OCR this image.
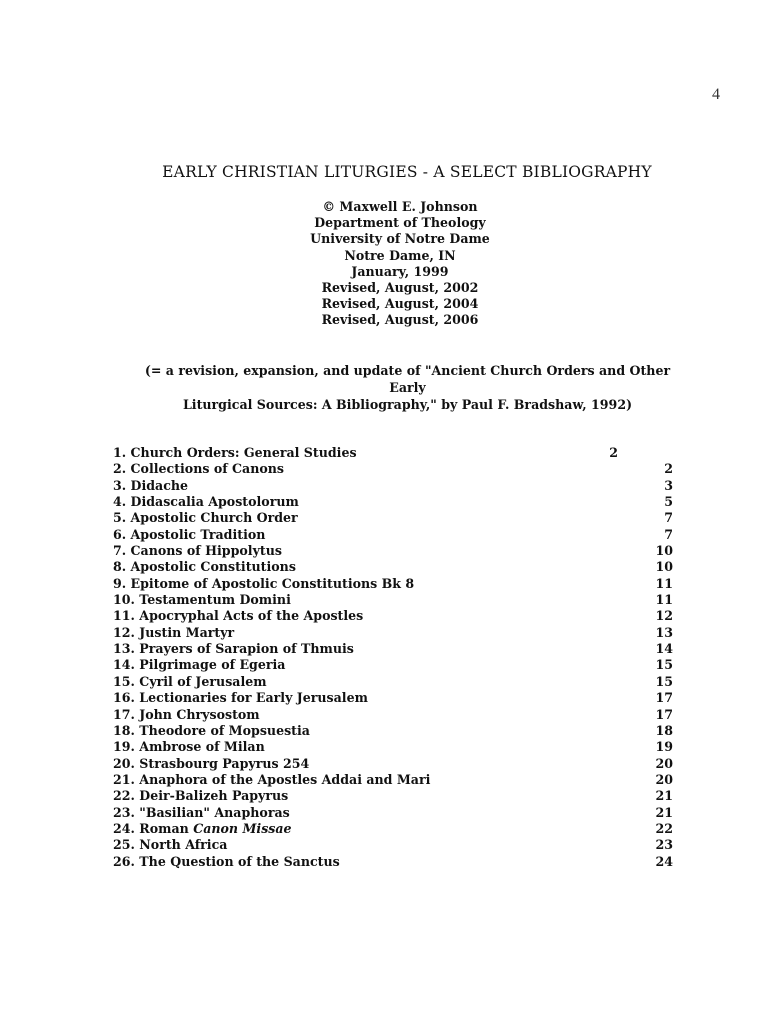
4
EARLY CHRISTIAN LITURGIES - A SELECT BIBLIOGRAPHY
© Maxwell E. Johnson
Department of Theology
University of Notre Dame
Notre Dame, IN
January, 1999
Revised, August, 2002
Revised, August, 2004
Revised, August, 2006
(= a revision, expansion, and update of "Ancient Church Orders and Other Early
Liturgical Sources: A Bibliography," by Paul F. Bradshaw, 1992)
1. Church Orders: General Studies	2
2. Collections of Canons	2
3. Didache	3
4. Didascalia Apostolorum	5
5. Apostolic Church Order	7
6. Apostolic Tradition	7
7. Canons of Hippolytus	10
8. Apostolic Constitutions	10
9. Epitome of Apostolic Constitutions Bk 8	11
10. Testamentum Domini	11
11. Apocryphal Acts of the Apostles	12
12. Justin Martyr	13
13. Prayers of Sarapion of Thmuis	14
14. Pilgrimage of Egeria	15
15. Cyril of Jerusalem	15
16. Lectionaries for Early Jerusalem	17
17. John Chrysostom	17
18. Theodore of Mopsuestia	18
19. Ambrose of Milan	19
20. Strasbourg Papyrus 254	20
21. Anaphora of the Apostles Addai and Mari	20
22. Deir-Balizeh Papyrus	21
23. "Basilian" Anaphoras	21
24. Roman Canon Missae	22
25. North Africa	23
26. The Question of the Sanctus	24
